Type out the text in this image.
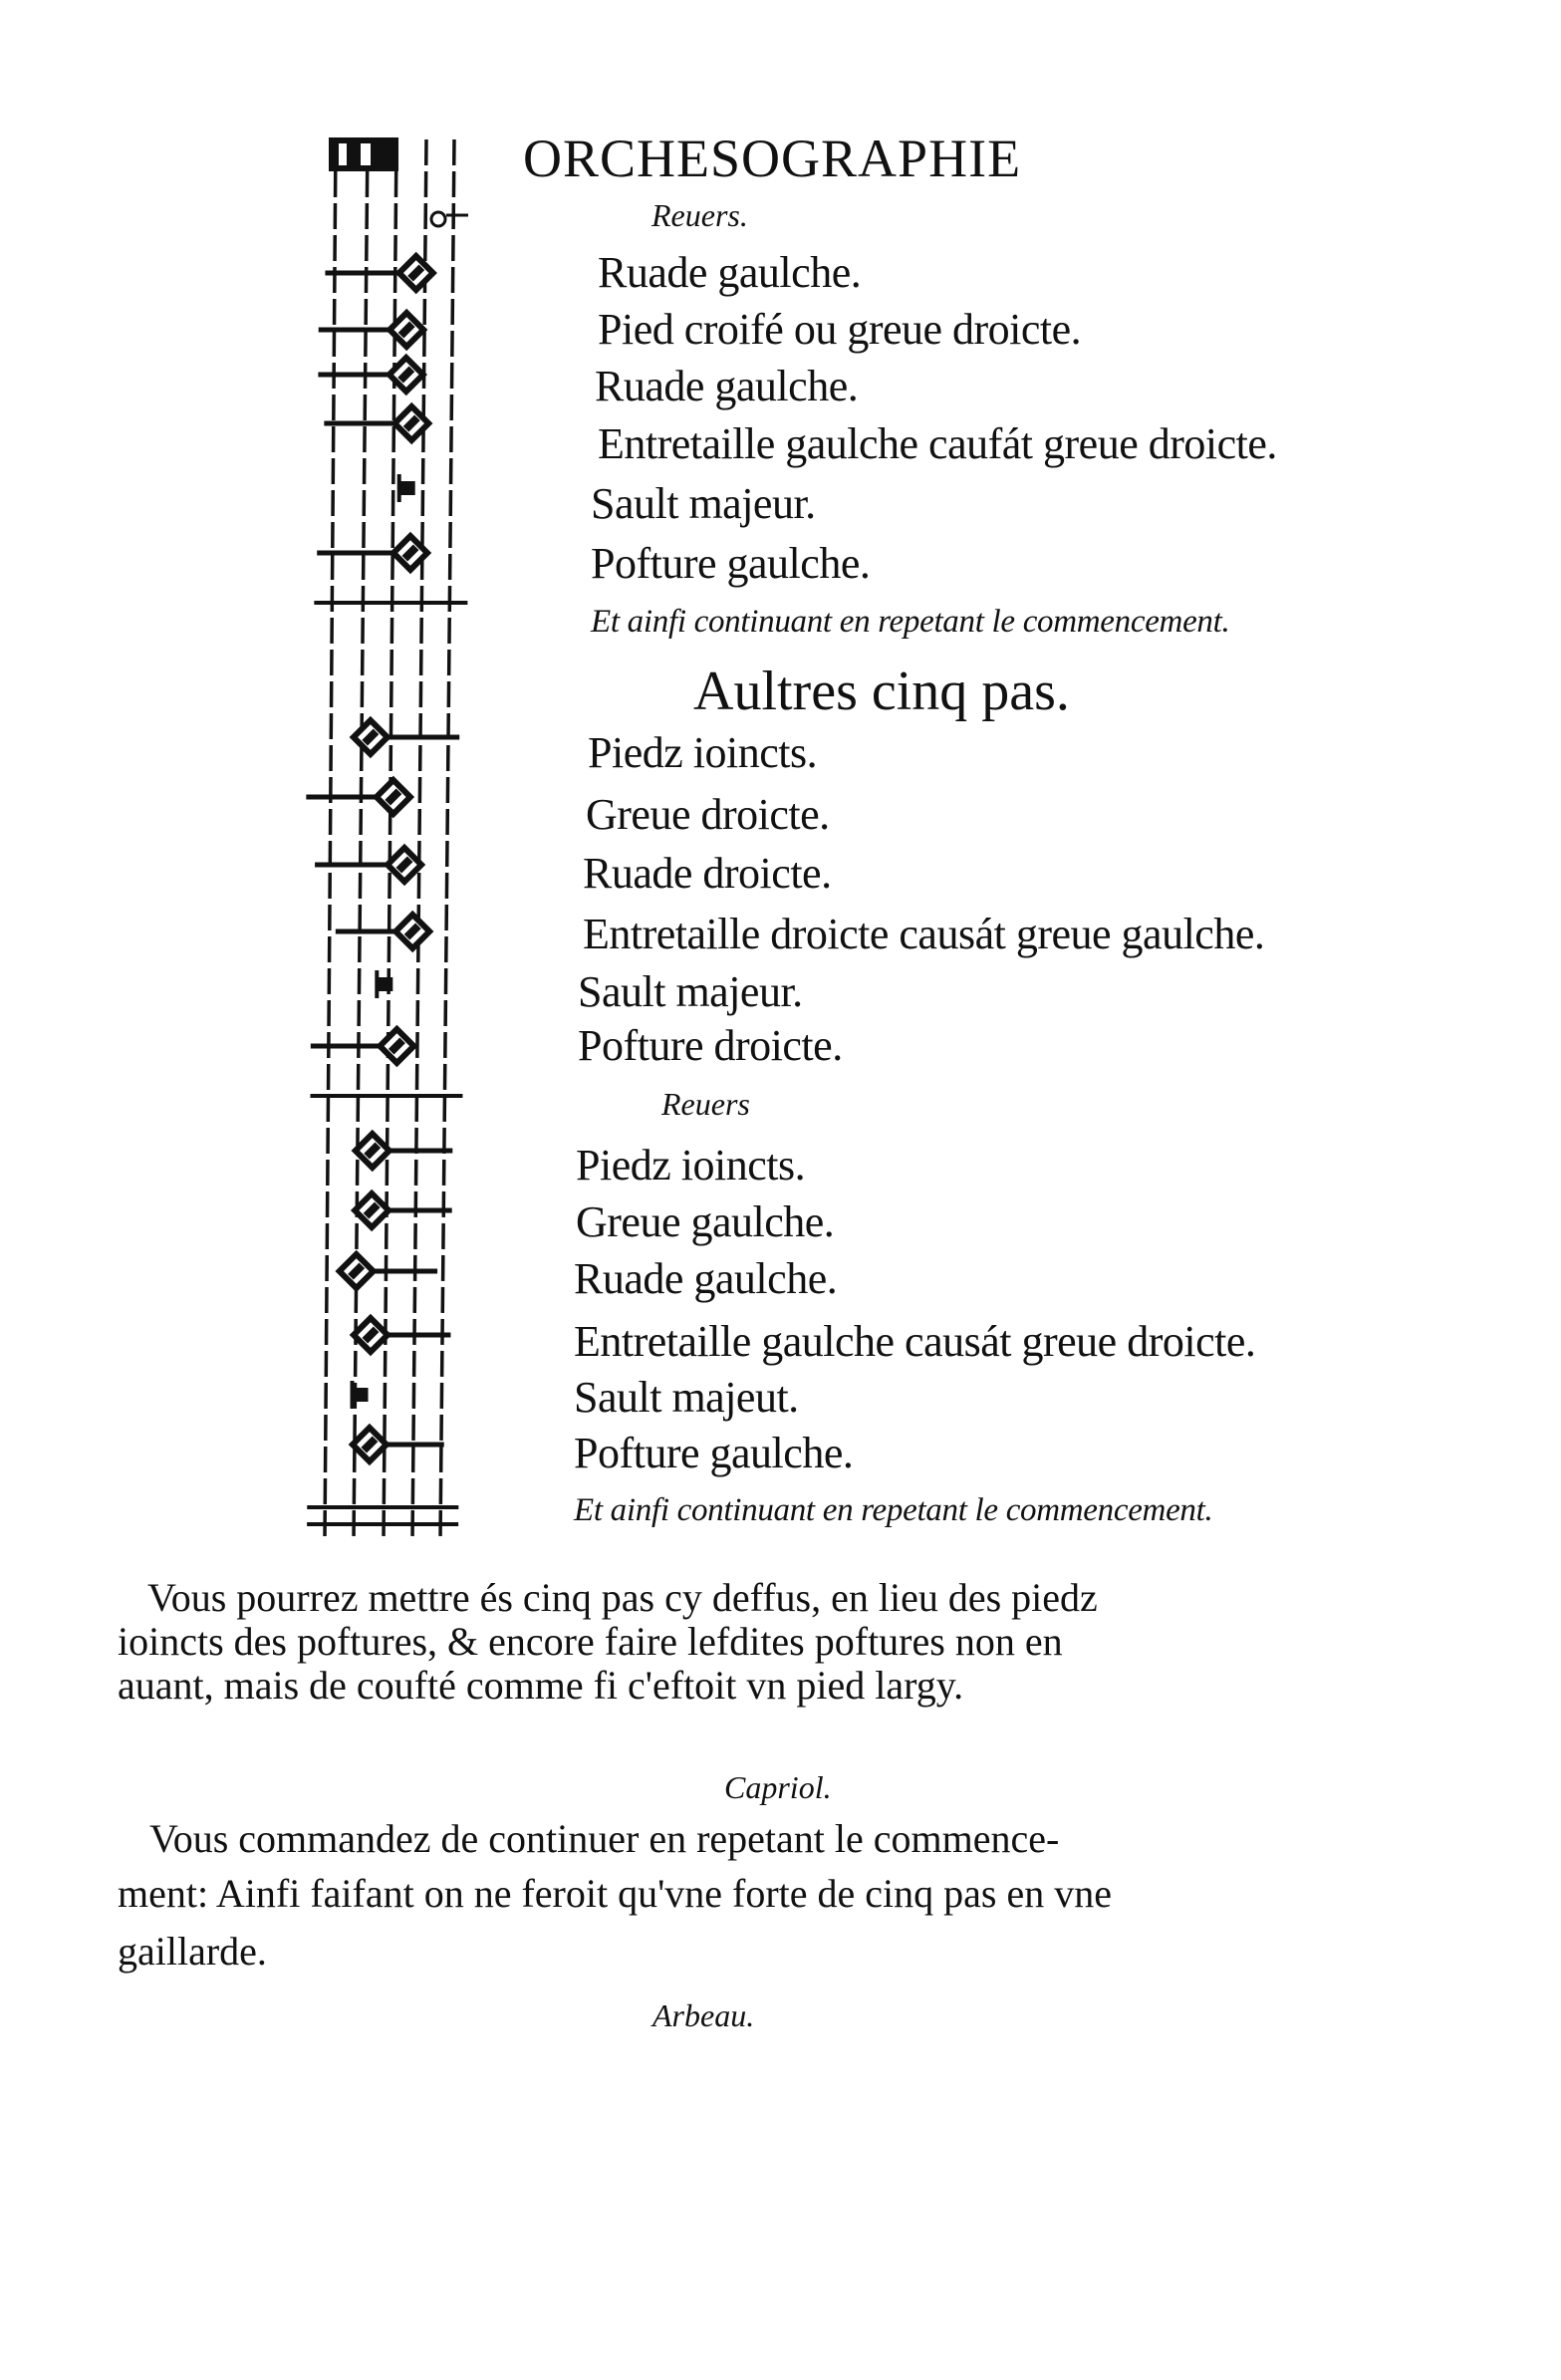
ORCHESOGRAPHIE
Reuers.
Ruade gaulche.
Pied croifé ou greue droicte.
Ruade gaulche.
Entretaille gaulche caufát greue droicte.
Sault majeur.
Pofture gaulche.
Et ainfi continuant en repetant le commencement.
Aultres cinq pas.
Piedz ioincts.
Greue droicte.
Ruade droicte.
Entretaille droicte causát greue gaulche.
Sault majeur.
Pofture droicte.
Reuers
Piedz ioincts.
Greue gaulche.
Ruade gaulche.
Entretaille gaulche causát greue droicte.
Sault majeut.
Pofture gaulche.
Et ainfi continuant en repetant le commencement.
Vous pourrez mettre és cinq pas cy deffus, en lieu des piedz
ioincts des poftures, & encore faire lefdites poftures non en
auant, mais de coufté comme fi c'eftoit vn pied largy.
Capriol.
Vous commandez de continuer en repetant le commence-
ment: Ainfi faifant on ne feroit qu'vne forte de cinq pas en vne
gaillarde.
Arbeau.
